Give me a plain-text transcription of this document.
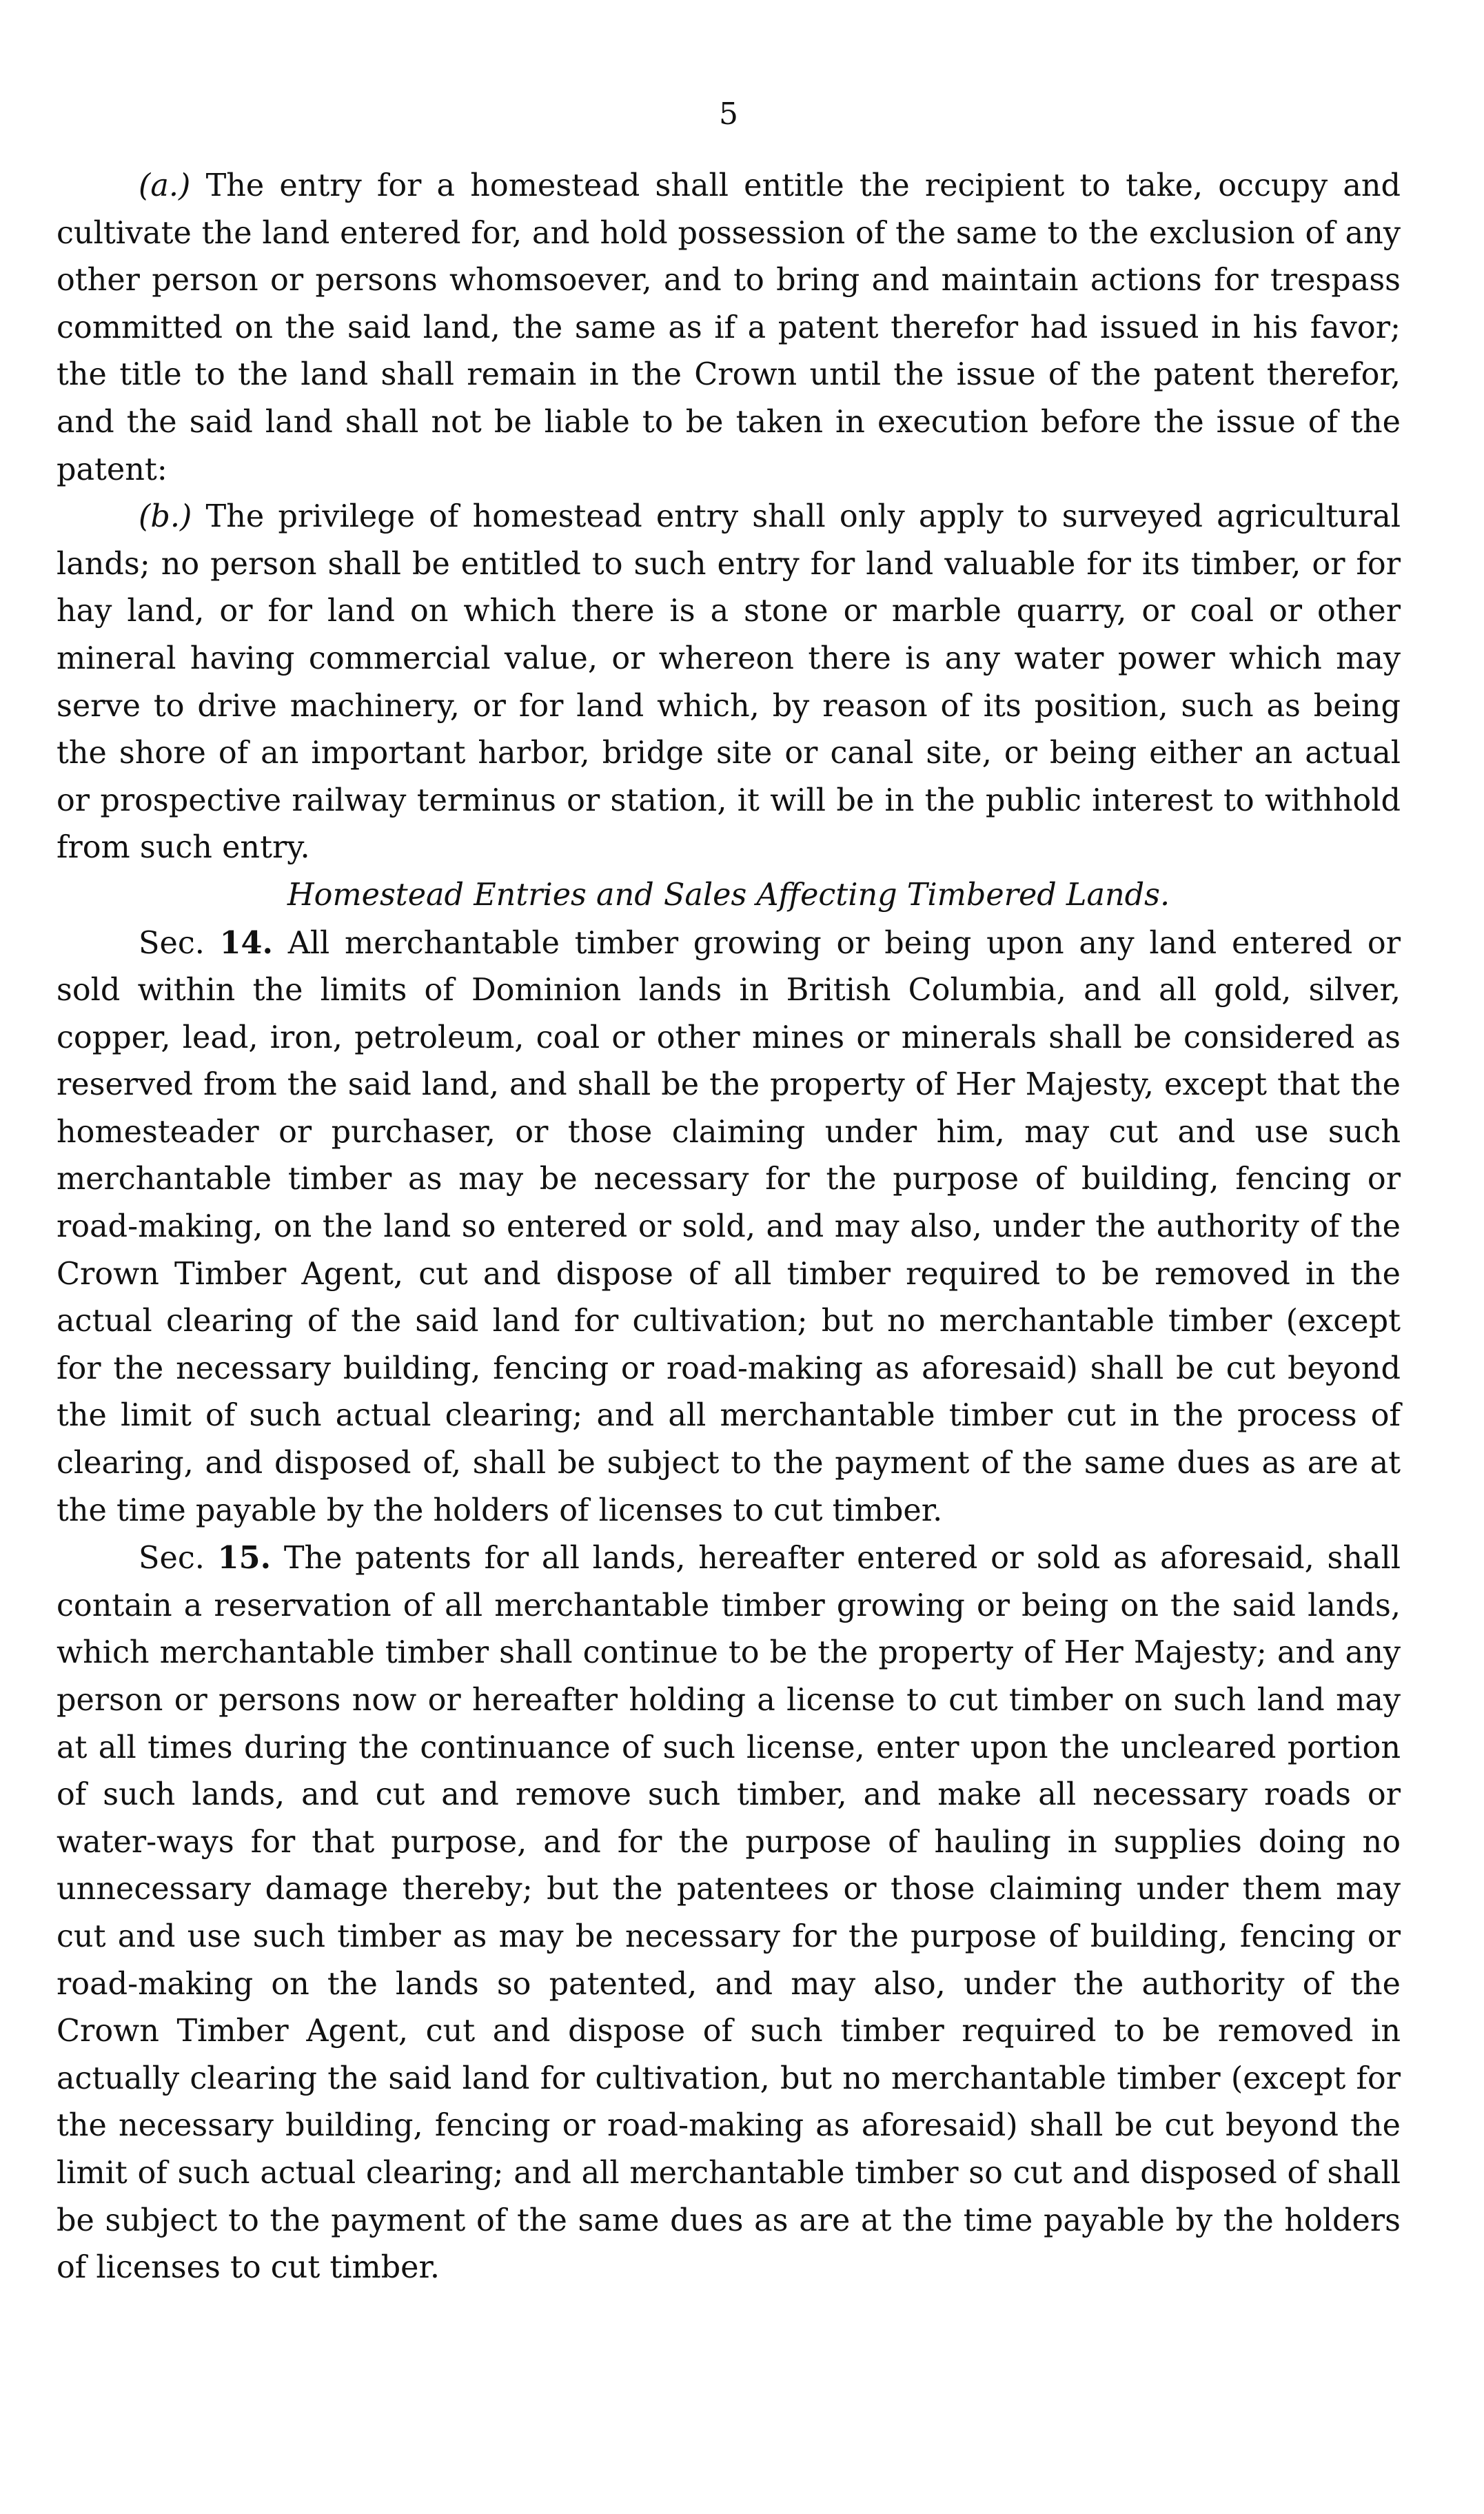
5

(a.) The entry for a homestead shall entitle the recipient to take, occupy and cultivate the land entered for, and hold possession of the same to the exclusion of any other person or persons whomsoever, and to bring and maintain actions for trespass committed on the said land, the same as if a patent therefor had issued in his favor; the title to the land shall remain in the Crown until the issue of the patent therefor, and the said land shall not be liable to be taken in execution before the issue of the patent:

(b.) The privilege of homestead entry shall only apply to surveyed agricultural lands; no person shall be entitled to such entry for land valuable for its timber, or for hay land, or for land on which there is a stone or marble quarry, or coal or other mineral having commercial value, or whereon there is any water power which may serve to drive machinery, or for land which, by reason of its position, such as being the shore of an important harbor, bridge site or canal site, or being either an actual or prospective railway terminus or station, it will be in the public interest to withhold from such entry.

Homestead Entries and Sales Affecting Timbered Lands.

Sec. 14. All merchantable timber growing or being upon any land entered or sold within the limits of Dominion lands in British Columbia, and all gold, silver, copper, lead, iron, petroleum, coal or other mines or minerals shall be considered as reserved from the said land, and shall be the property of Her Majesty, except that the homesteader or purchaser, or those claiming under him, may cut and use such merchantable timber as may be necessary for the purpose of building, fencing or road-making, on the land so entered or sold, and may also, under the authority of the Crown Timber Agent, cut and dispose of all timber required to be removed in the actual clearing of the said land for cultivation; but no merchantable timber (except for the necessary building, fencing or road-making as aforesaid) shall be cut beyond the limit of such actual clearing; and all merchantable timber cut in the process of clearing, and disposed of, shall be subject to the payment of the same dues as are at the time payable by the holders of licenses to cut timber.

Sec. 15. The patents for all lands, hereafter entered or sold as aforesaid, shall contain a reservation of all merchantable timber growing or being on the said lands, which merchantable timber shall continue to be the property of Her Majesty; and any person or persons now or hereafter holding a license to cut timber on such land may at all times during the continuance of such license, enter upon the uncleared portion of such lands, and cut and remove such timber, and make all necessary roads or water-ways for that purpose, and for the purpose of hauling in supplies doing no unnecessary damage thereby; but the patentees or those claiming under them may cut and use such timber as may be necessary for the purpose of building, fencing or road-making on the lands so patented, and may also, under the authority of the Crown Timber Agent, cut and dispose of such timber required to be removed in actually clearing the said land for cultivation, but no merchantable timber (except for the necessary building, fencing or road-making as aforesaid) shall be cut beyond the limit of such actual clearing; and all merchantable timber so cut and disposed of shall be subject to the payment of the same dues as are at the time payable by the holders of licenses to cut timber.
